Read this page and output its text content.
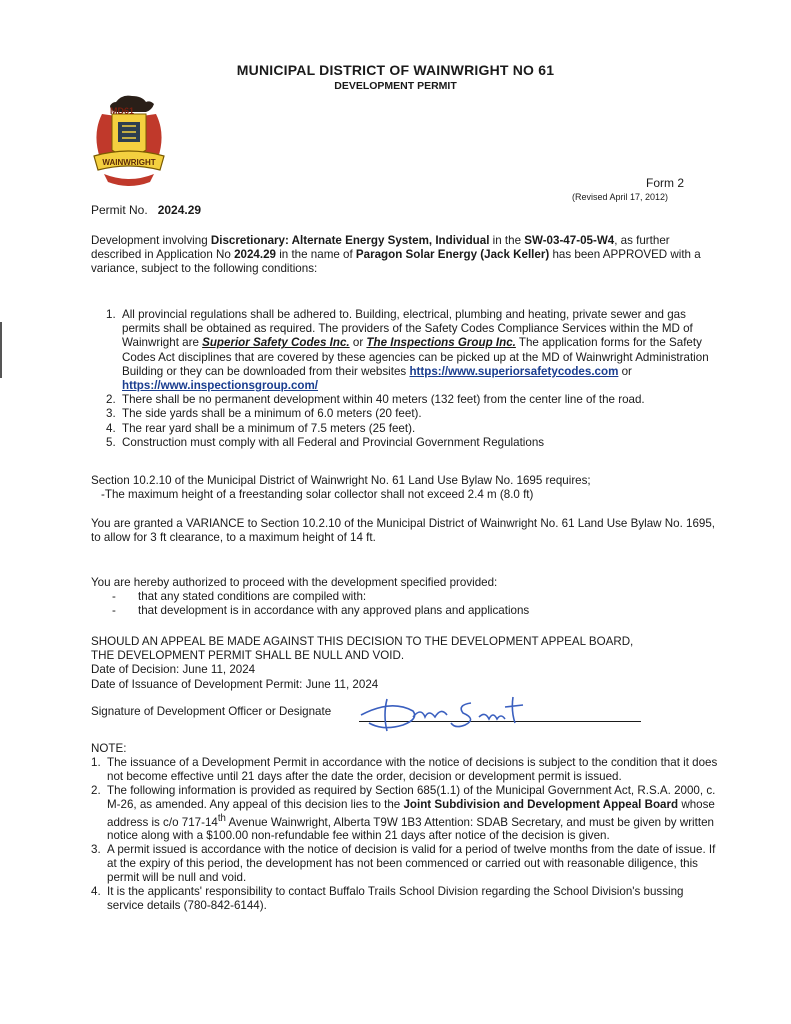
MUNICIPAL DISTRICT OF WAINWRIGHT NO 61
DEVELOPMENT PERMIT
MD61
WAINWRIGHT
Form 2
(Revised April 17, 2012)
Permit No. 2024.29
Development involving Discretionary: Alternate Energy System, Individual in the SW-03-47-05-W4, as further described in Application No 2024.29 in the name of Paragon Solar Energy (Jack Keller) has been APPROVED with a variance, subject to the following conditions:
1. All provincial regulations shall be adhered to. Building, electrical, plumbing and heating, private sewer and gas permits shall be obtained as required. The providers of the Safety Codes Compliance Services within the MD of Wainwright are Superior Safety Codes Inc. or The Inspections Group Inc. The application forms for the Safety Codes Act disciplines that are covered by these agencies can be picked up at the MD of Wainwright Administration Building or they can be downloaded from their websites https://www.superiorsafetycodes.com or https://www.inspectionsgroup.com/
2. There shall be no permanent development within 40 meters (132 feet) from the center line of the road.
3. The side yards shall be a minimum of 6.0 meters (20 feet).
4. The rear yard shall be a minimum of 7.5 meters (25 feet).
5. Construction must comply with all Federal and Provincial Government Regulations
Section 10.2.10 of the Municipal District of Wainwright No. 61 Land Use Bylaw No. 1695 requires;
-The maximum height of a freestanding solar collector shall not exceed 2.4 m (8.0 ft)
You are granted a VARIANCE to Section 10.2.10 of the Municipal District of Wainwright No. 61 Land Use Bylaw No. 1695, to allow for 3 ft clearance, to a maximum height of 14 ft.
You are hereby authorized to proceed with the development specified provided:
- that any stated conditions are compiled with:
- that development is in accordance with any approved plans and applications
SHOULD AN APPEAL BE MADE AGAINST THIS DECISION TO THE DEVELOPMENT APPEAL BOARD,
THE DEVELOPMENT PERMIT SHALL BE NULL AND VOID.
Date of Decision: June 11, 2024
Date of Issuance of Development Permit: June 11, 2024
Signature of Development Officer or Designate
NOTE:
1. The issuance of a Development Permit in accordance with the notice of decisions is subject to the condition that it does not become effective until 21 days after the date the order, decision or development permit is issued.
2. The following information is provided as required by Section 685(1.1) of the Municipal Government Act, R.S.A. 2000, c. M-26, as amended. Any appeal of this decision lies to the Joint Subdivision and Development Appeal Board whose address is c/o 717-14th Avenue Wainwright, Alberta T9W 1B3 Attention: SDAB Secretary, and must be given by written notice along with a $100.00 non-refundable fee within 21 days after notice of the decision is given.
3. A permit issued is accordance with the notice of decision is valid for a period of twelve months from the date of issue. If at the expiry of this period, the development has not been commenced or carried out with reasonable diligence, this permit will be null and void.
4. It is the applicants' responsibility to contact Buffalo Trails School Division regarding the School Division's bussing service details (780-842-6144).
